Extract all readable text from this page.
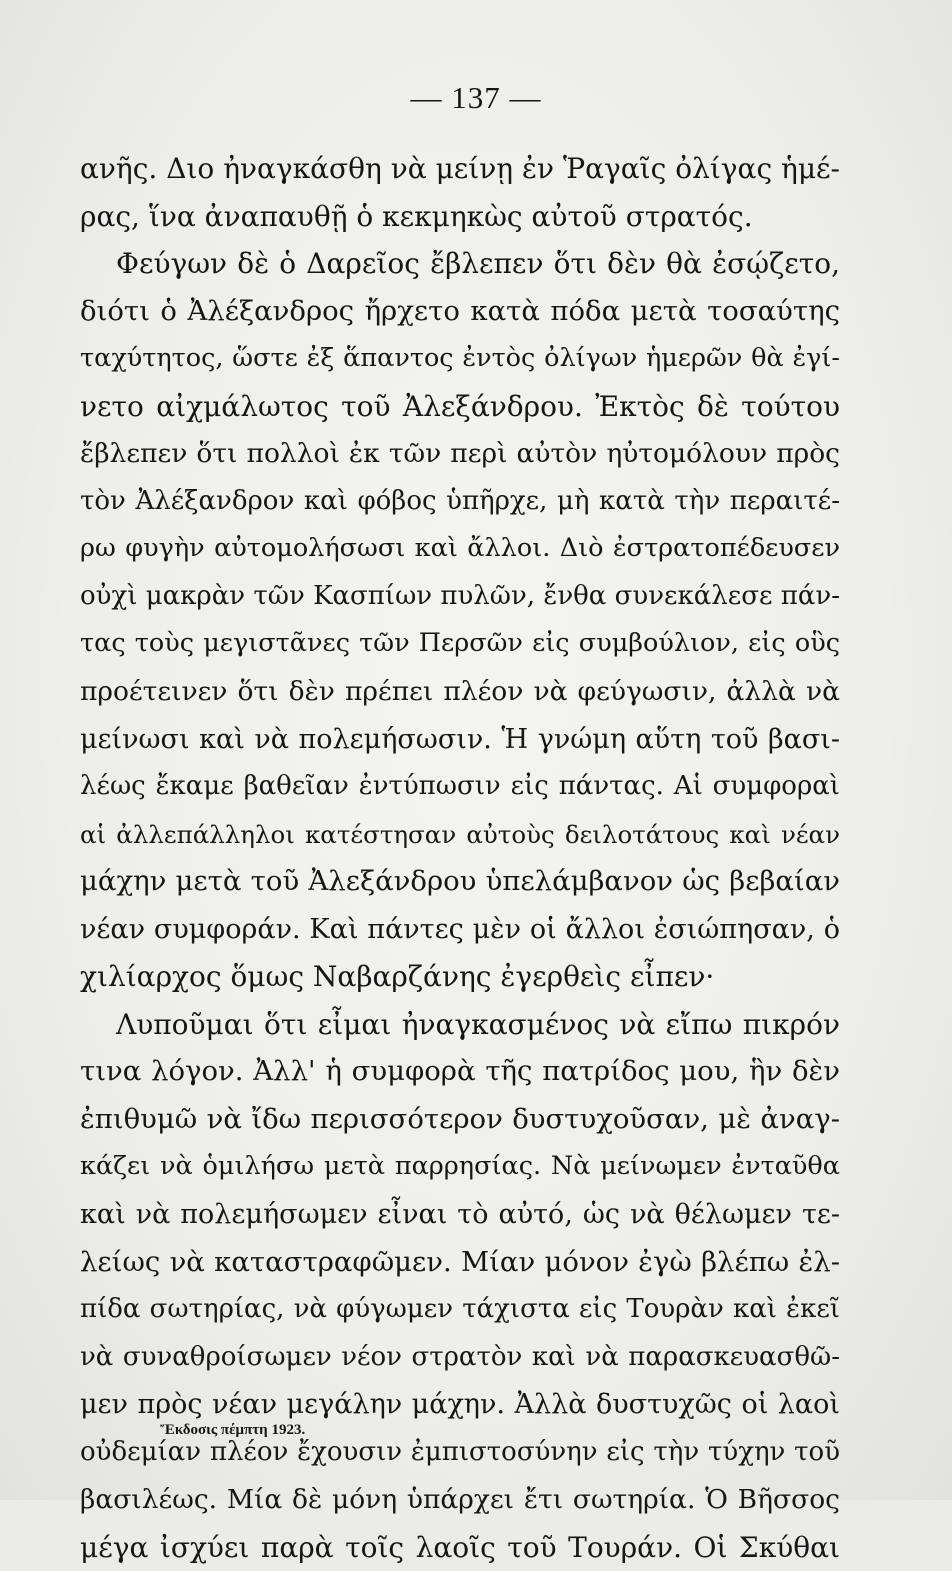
— 137 —
ανῆς. Διο ἠναγκάσθη νὰ μείνῃ ἐν Ῥαγαῖς ὀλίγας ἡμέ-
ρας, ἵνα ἀναπαυθῇ ὁ κεκμηκὼς αὐτοῦ στρατός.
Φεύγων δὲ ὁ Δαρεῖος ἔβλεπεν ὅτι δὲν θὰ ἐσῴζετο,
διότι ὁ Ἀλέξανδρος ἤρχετο κατὰ πόδα μετὰ τοσαύτης
ταχύτητος, ὥστε ἐξ ἅπαντος ἐντὸς ὀλίγων ἡμερῶν θὰ ἐγί-
νετο αἰχμάλωτος τοῦ Ἀλεξάνδρου. Ἐκτὸς δὲ τούτου
ἔβλεπεν ὅτι πολλοὶ ἐκ τῶν περὶ αὐτὸν ηὐτομόλουν πρὸς
τὸν Ἀλέξανδρον καὶ φόβος ὑπῆρχε, μὴ κατὰ τὴν περαιτέ-
ρω φυγὴν αὐτομολήσωσι καὶ ἄλλοι. Διὸ ἐστρατοπέδευσεν
οὐχὶ μακρὰν τῶν Κασπίων πυλῶν, ἔνθα συνεκάλεσε πάν-
τας τοὺς μεγιστᾶνες τῶν Περσῶν εἰς συμβούλιον, εἰς οὓς
προέτεινεν ὅτι δὲν πρέπει πλέον νὰ φεύγωσιν, ἀλλὰ νὰ
μείνωσι καὶ νὰ πολεμήσωσιν. Ἡ γνώμη αὕτη τοῦ βασι-
λέως ἔκαμε βαθεῖαν ἐντύπωσιν εἰς πάντας. Αἱ συμφοραὶ
αἱ ἀλλεπάλληλοι κατέστησαν αὐτοὺς δειλοτάτους καὶ νέαν
μάχην μετὰ τοῦ Ἀλεξάνδρου ὑπελάμβανον ὡς βεβαίαν
νέαν συμφοράν. Καὶ πάντες μὲν οἱ ἄλλοι ἐσιώπησαν, ὁ
χιλίαρχος ὅμως Ναβαρζάνης ἐγερθεὶς εἶπεν·
Λυποῦμαι ὅτι εἶμαι ἠναγκασμένος νὰ εἴπω πικρόν
τινα λόγον. Ἀλλ' ἡ συμφορὰ τῆς πατρίδος μου, ἣν δὲν
ἐπιθυμῶ νὰ ἴδω περισσότερον δυστυχοῦσαν, μὲ ἀναγ-
κάζει νὰ ὁμιλήσω μετὰ παρρησίας. Νὰ μείνωμεν ἐνταῦθα
καὶ νὰ πολεμήσωμεν εἶναι τὸ αὐτό, ὡς νὰ θέλωμεν τε-
λείως νὰ καταστραφῶμεν. Μίαν μόνον ἐγὼ βλέπω ἐλ-
πίδα σωτηρίας, νὰ φύγωμεν τάχιστα εἰς Τουρὰν καὶ ἐκεῖ
νὰ συναθροίσωμεν νέον στρατὸν καὶ νὰ παρασκευασθῶ-
μεν πρὸς νέαν μεγάλην μάχην. Ἀλλὰ δυστυχῶς οἱ λαοὶ
οὐδεμίαν πλέον ἔχουσιν ἐμπιστοσύνην εἰς τὴν τύχην τοῦ
βασιλέως. Μία δὲ μόνη ὑπάρχει ἔτι σωτηρία. Ὁ Βῆσσος
μέγα ἰσχύει παρὰ τοῖς λαοῖς τοῦ Τουράν. Οἱ Σκύθαι
Ἔκδοσις πέμπτη 1923.
